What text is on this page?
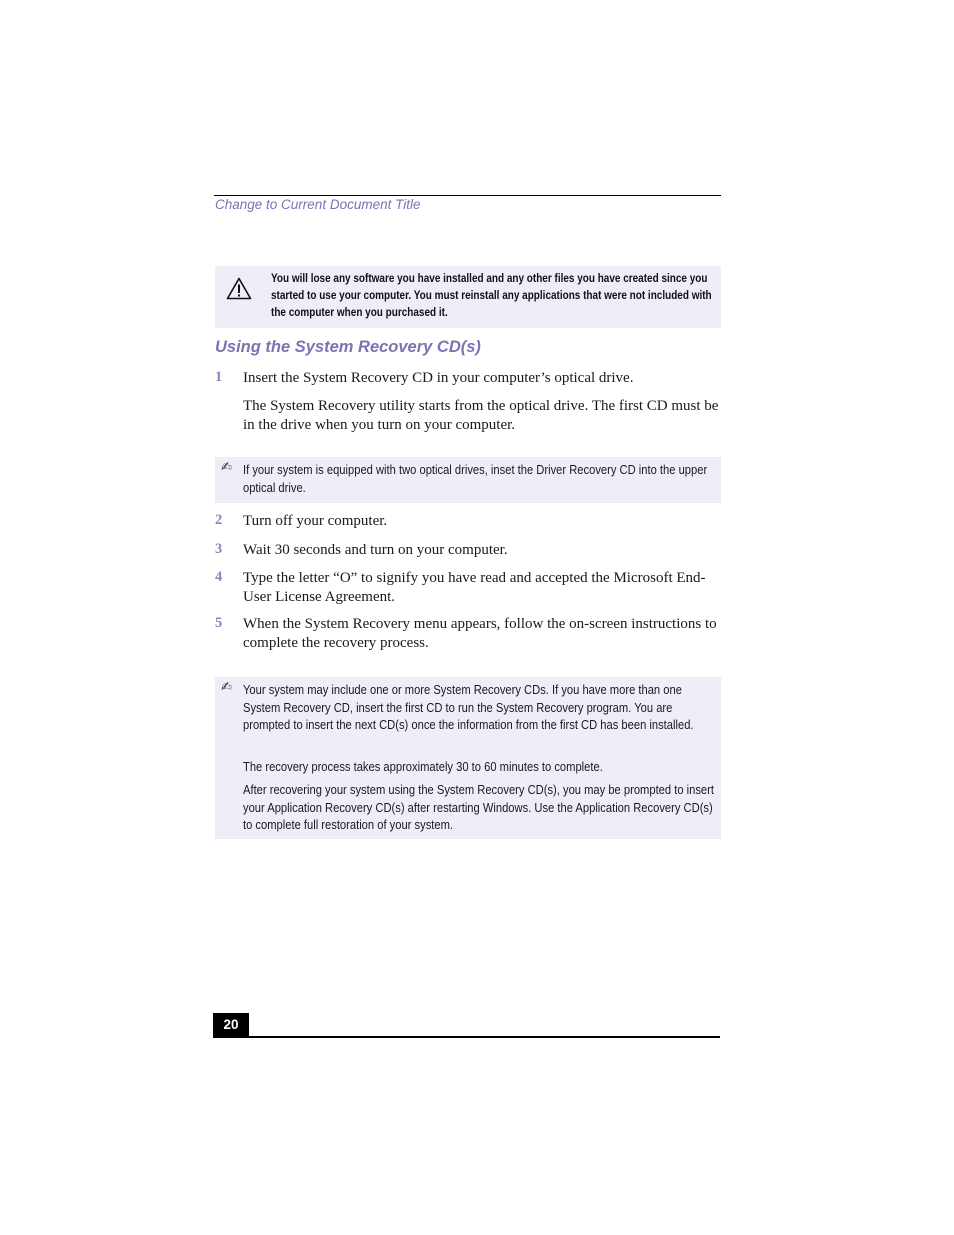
Change to Current Document Title
You will lose any software you have installed and any other files you have created since you started to use your computer. You must reinstall any applications that were not included with the computer when you purchased it.
Using the System Recovery CD(s)
1 Insert the System Recovery CD in your computer’s optical drive.
The System Recovery utility starts from the optical drive. The first CD must be in the drive when you turn on your computer.
✍ If your system is equipped with two optical drives, inset the Driver Recovery CD into the upper optical drive.
2 Turn off your computer.
3 Wait 30 seconds and turn on your computer.
4 Type the letter “O” to signify you have read and accepted the Microsoft End-User License Agreement.
5 When the System Recovery menu appears, follow the on-screen instructions to complete the recovery process.
✍ Your system may include one or more System Recovery CDs. If you have more than one System Recovery CD, insert the first CD to run the System Recovery program. You are prompted to insert the next CD(s) once the information from the first CD has been installed.
The recovery process takes approximately 30 to 60 minutes to complete.
After recovering your system using the System Recovery CD(s), you may be prompted to insert your Application Recovery CD(s) after restarting Windows. Use the Application Recovery CD(s) to complete full restoration of your system.
20
